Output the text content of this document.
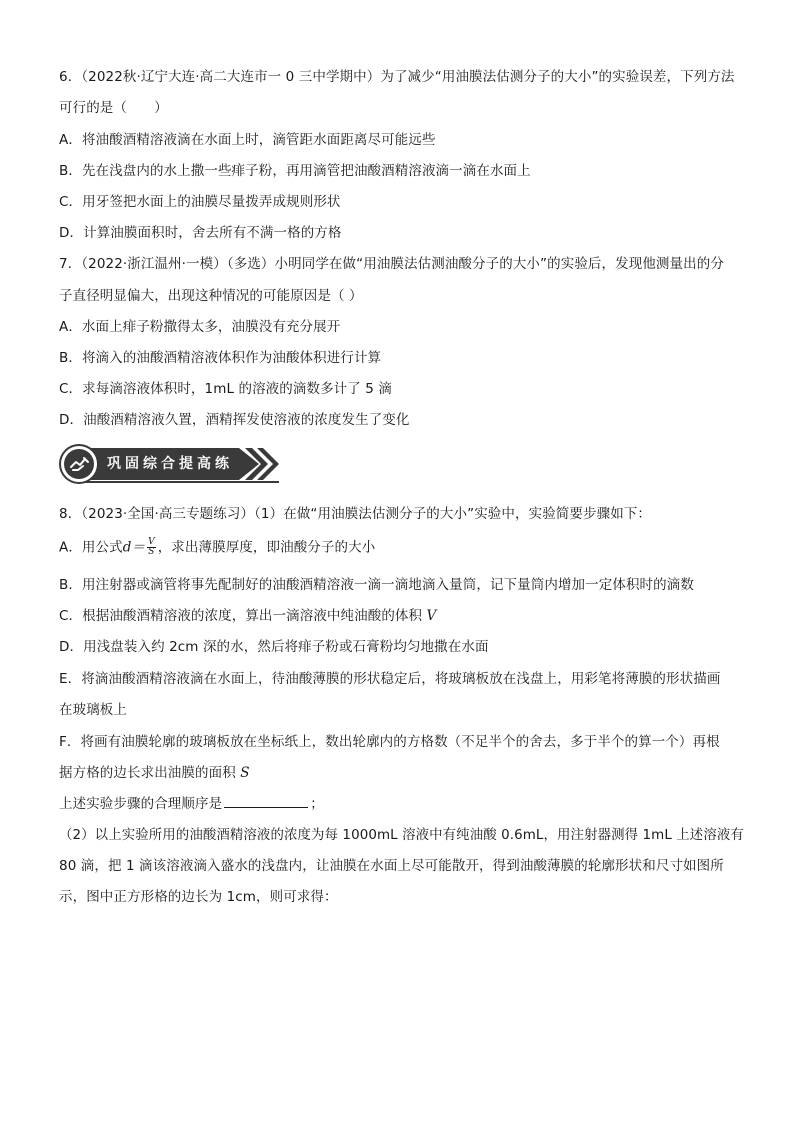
6．（2022秋·辽宁大连·高二大连市一 0 三中学期中）为了减少“用油膜法估测分子的大小”的实验误差，下列方法
可行的是（　　）
A．将油酸酒精溶液滴在水面上时，滴管距水面距离尽可能远些
B．先在浅盘内的水上撒一些痱子粉，再用滴管把油酸酒精溶液滴一滴在水面上
C．用牙签把水面上的油膜尽量拨弄成规则形状
D．计算油膜面积时，舍去所有不满一格的方格
7．（2022·浙江温州·一模）（多选）小明同学在做“用油膜法估测油酸分子的大小”的实验后，发现他测量出的分
子直径明显偏大，出现这种情况的可能原因是（ ）
A．水面上痱子粉撒得太多，油膜没有充分展开
B．将滴入的油酸酒精溶液体积作为油酸体积进行计算
C．求每滴溶液体积时，1mL 的溶液的滴数多计了 5 滴
D．油酸酒精溶液久置，酒精挥发使溶液的浓度发生了变化
巩固综合提高练
8．（2023·全国·高三专题练习）（1）在做“用油膜法估测分子的大小”实验中，实验简要步骤如下：
A．用公式$d= \frac{V}{S}$ ，求出薄膜厚度，即油酸分子的大小
B．用注射器或滴管将事先配制好的油酸酒精溶液一滴一滴地滴入量筒，记下量筒内增加一定体积时的滴数
C．根据油酸酒精溶液的浓度，算出一滴溶液中纯油酸的体积 V
D．用浅盘装入约 2cm 深的水，然后将痱子粉或石膏粉均匀地撒在水面
E．将滴油酸酒精溶液滴在水面上，待油酸薄膜的形状稳定后，将玻璃板放在浅盘上，用彩笔将薄膜的形状描画
在玻璃板上
F．将画有油膜轮廓的玻璃板放在坐标纸上，数出轮廓内的方格数（不足半个的舍去，多于半个的算一个）再根
据方格的边长求出油膜的面积 S
上述实验步骤的合理顺序是	；
（2）以上实验所用的油酸酒精溶液的浓度为每 1000mL 溶液中有纯油酸 0.6mL，用注射器测得 1mL 上述溶液有
80 滴，把 1 滴该溶液滴入盛水的浅盘内，让油膜在水面上尽可能散开，得到油酸薄膜的轮廓形状和尺寸如图所
示，图中正方形格的边长为 1cm，则可求得：
